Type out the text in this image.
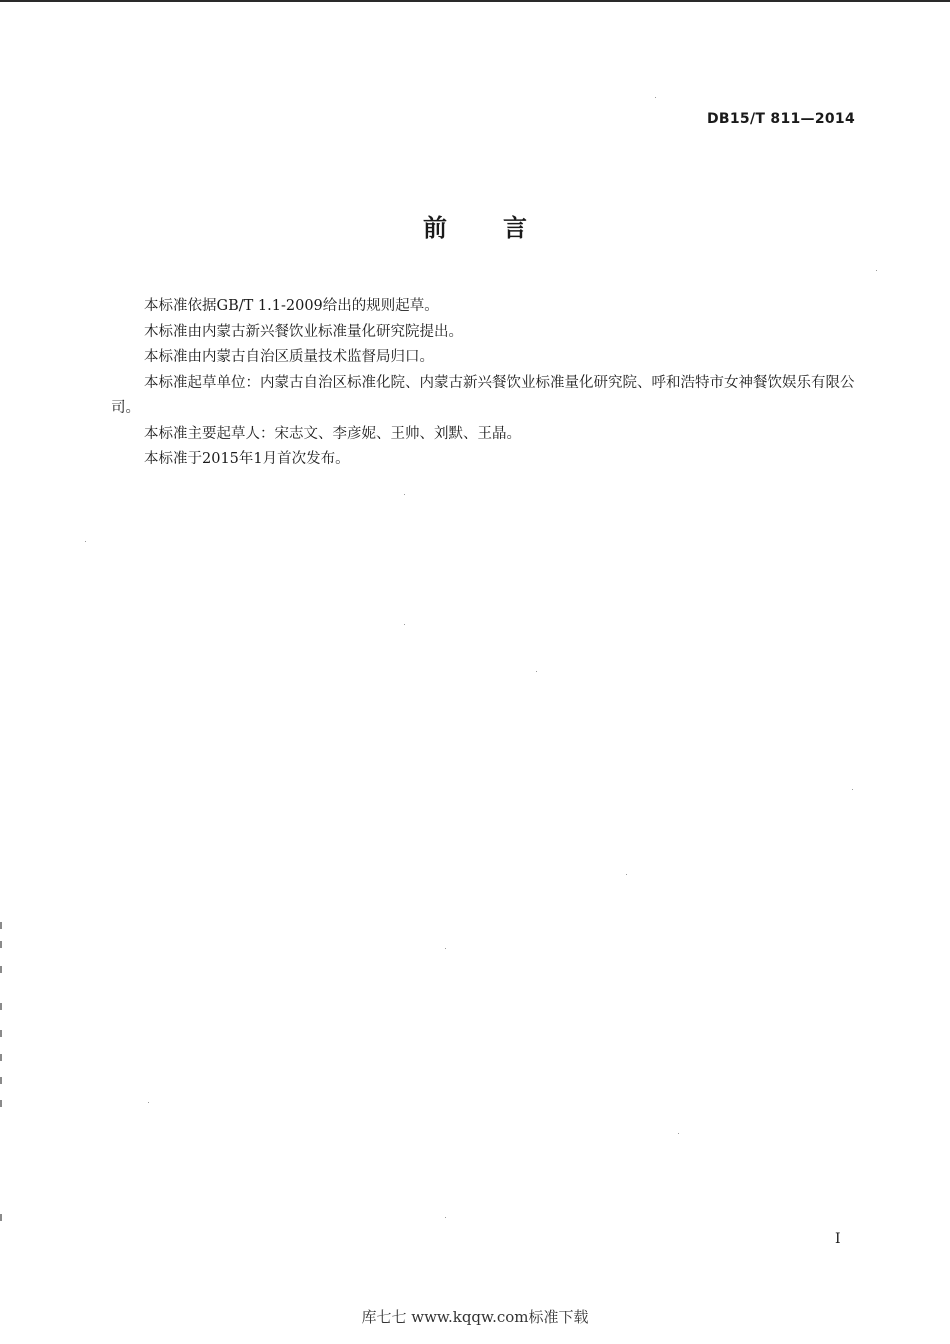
DB15/T 811—2014
前言

本标准依据GB/T 1.1-2009给出的规则起草。

木标准由内蒙古新兴餐饮业标准量化研究院提出。

本标准由内蒙古自治区质量技术监督局归口。

本标准起草单位：内蒙古自治区标准化院、内蒙古新兴餐饮业标准量化研究院、呼和浩特市女神餐饮娱乐有限公司。

本标准主要起草人：宋志文、李彦妮、王帅、刘默、王晶。

本标准于2015年1月首次发布。

I
库七七 www.kqqw.com标准下载
